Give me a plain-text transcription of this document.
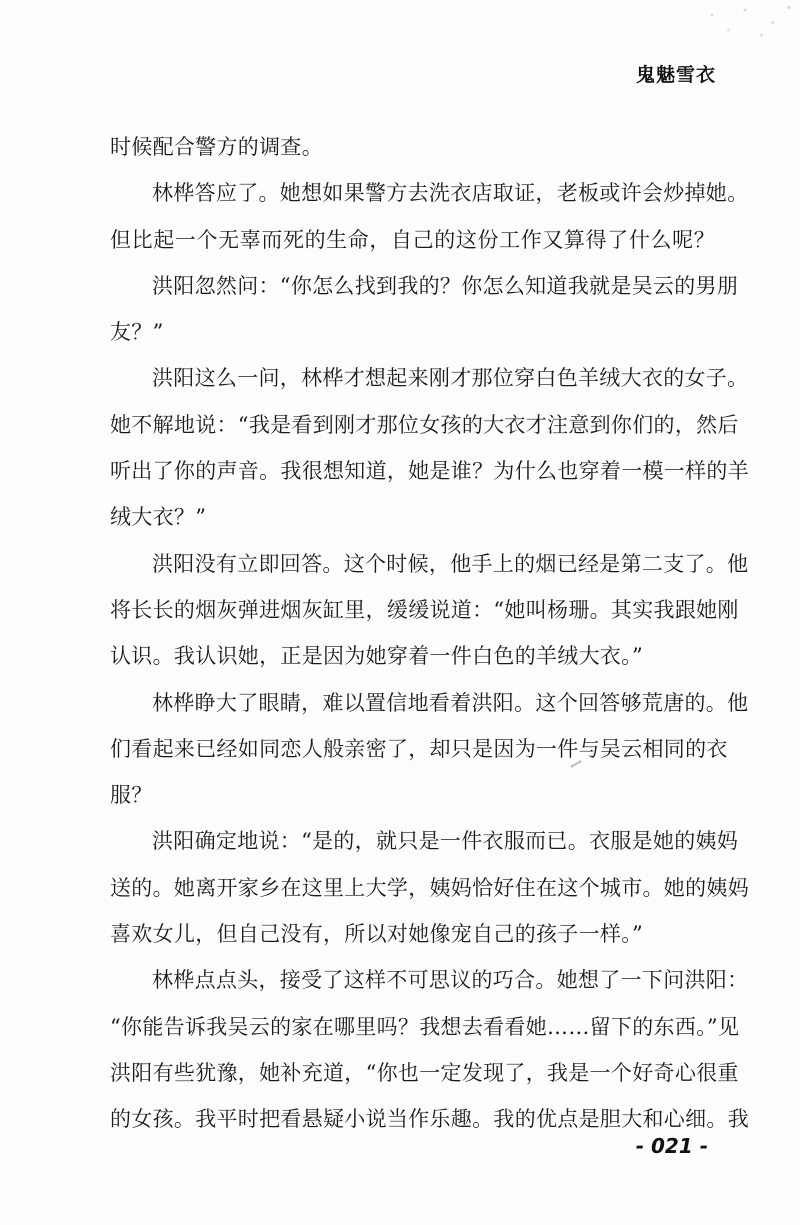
鬼魅雪衣
时候配合警方的调查。
林桦答应了。她想如果警方去洗衣店取证，老板或许会炒掉她。
但比起一个无辜而死的生命，自己的这份工作又算得了什么呢？
洪阳忽然问：“你怎么找到我的？你怎么知道我就是吴云的男朋
友？”
洪阳这么一问，林桦才想起来刚才那位穿白色羊绒大衣的女子。
她不解地说：“我是看到刚才那位女孩的大衣才注意到你们的，然后
听出了你的声音。我很想知道，她是谁？为什么也穿着一模一样的羊
绒大衣？”
洪阳没有立即回答。这个时候，他手上的烟已经是第二支了。他
将长长的烟灰弹进烟灰缸里，缓缓说道：“她叫杨珊。其实我跟她刚
认识。我认识她，正是因为她穿着一件白色的羊绒大衣。”
林桦睁大了眼睛，难以置信地看着洪阳。这个回答够荒唐的。他
们看起来已经如同恋人般亲密了，却只是因为一件与吴云相同的衣
服？
洪阳确定地说：“是的，就只是一件衣服而已。衣服是她的姨妈
送的。她离开家乡在这里上大学，姨妈恰好住在这个城市。她的姨妈
喜欢女儿，但自己没有，所以对她像宠自己的孩子一样。”
林桦点点头，接受了这样不可思议的巧合。她想了一下问洪阳：
“你能告诉我吴云的家在哪里吗？我想去看看她……留下的东西。”见
洪阳有些犹豫，她补充道，“你也一定发现了，我是一个好奇心很重
的女孩。我平时把看悬疑小说当作乐趣。我的优点是胆大和心细。我
- 021 -
